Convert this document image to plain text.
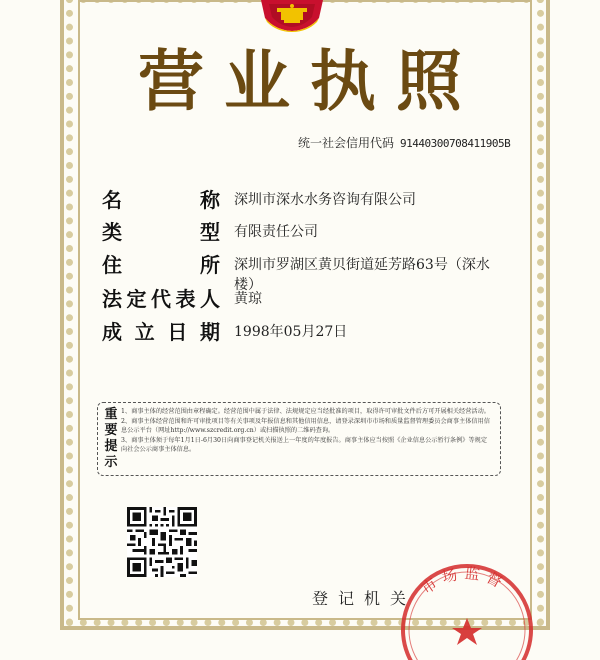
营业执照
统一社会信用代码 91440300708411905B
名	称 深圳市深水水务咨询有限公司
类	型 有限责任公司
住	所 深圳市罗湖区黄贝街道延芳路63号（深水楼）
法 定 代 表 人 黄琼
成 立 日 期 1998年05月27日
重
要
提
示

1、商事主体的经营范围由章程确定。经营范围中属于法律、法规规定应当经批准的项目，取得许可审批文件后方可开展相关经营活动。

2、商事主体经营范围和许可审批项目等有关事项及年报信息和其他信用信息，请登录深圳市市场和质量监督管理委员会商事主体信用信息公示平台（网址http://www.szcredit.org.cn）或扫描执照的二维码查询。

3、商事主体须于每年1月1日-6月30日向商事登记机关报送上一年度的年度报告。商事主体应当按照《企业信息公示暂行条例》等规定向社会公示商事主体信息。

登记机关
市场监督
